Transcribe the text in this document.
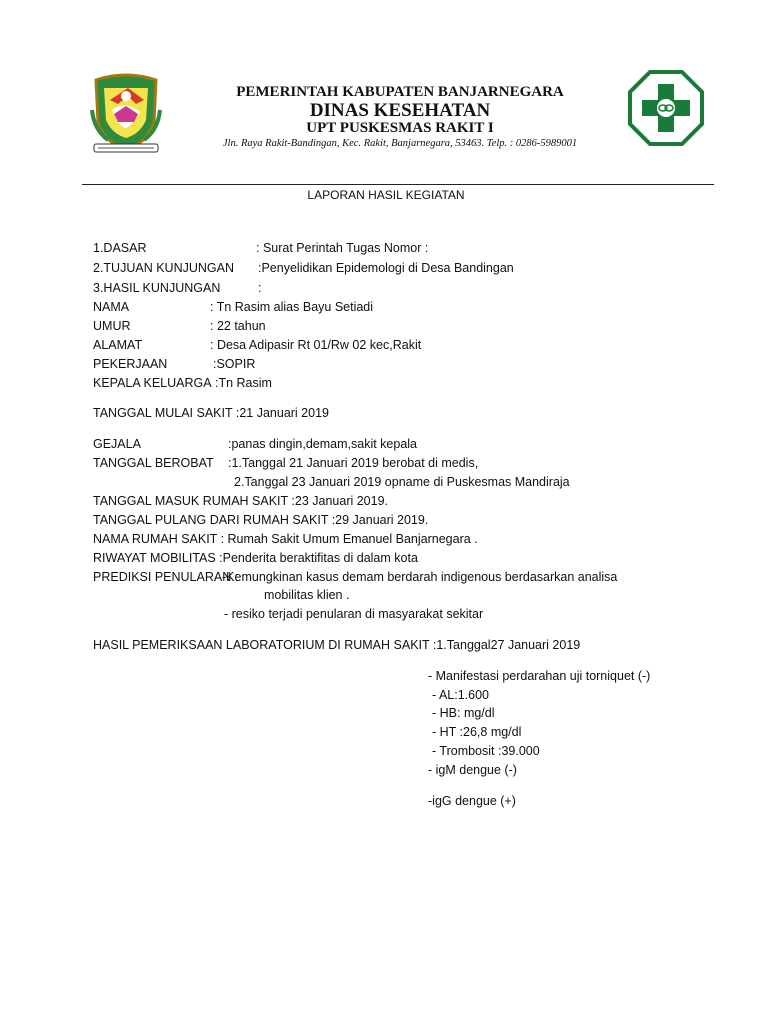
PEMERINTAH KABUPATEN BANJARNEGARA
DINAS KESEHATAN
UPT PUSKESMAS RAKIT I
Jln. Raya Rakit-Bandingan, Kec. Rakit, Banjarnegara, 53463. Telp. : 0286-5989001
LAPORAN HASIL KEGIATAN
1.DASAR	: Surat Perintah Tugas Nomor :
2.TUJUAN KUNJUNGAN :Penyelidikan Epidemologi di Desa Bandingan
3.HASIL KUNJUNGAN	:
NAMA	: Tn Rasim alias Bayu Setiadi
UMUR	: 22 tahun
ALAMAT	: Desa Adipasir Rt 01/Rw 02 kec,Rakit
PEKERJAAN	:SOPIR
KEPALA KELUARGA :Tn Rasim
TANGGAL MULAI SAKIT :21 Januari 2019
GEJALA	:panas dingin,demam,sakit kepala
TANGGAL BEROBAT :1.Tanggal 21 Januari 2019 berobat di medis,
2.Tanggal 23 Januari 2019 opname di Puskesmas Mandiraja
TANGGAL MASUK RUMAH SAKIT :23 Januari 2019.
TANGGAL PULANG DARI RUMAH SAKIT :29 Januari 2019.
NAMA RUMAH SAKIT : Rumah Sakit Umum Emanuel Banjarnegara .
RIWAYAT MOBILITAS :Penderita beraktifitas di dalam kota
PREDIKSI PENULARAN :
-Kemungkinan kasus demam berdarah indigenous berdasarkan analisa
mobilitas klien .
- resiko terjadi penularan di masyarakat sekitar
HASIL PEMERIKSAAN LABORATORIUM DI RUMAH SAKIT :1.Tanggal27 Januari 2019
- Manifestasi perdarahan uji torniquet (-)
- AL:1.600
- HB: mg/dl
- HT :26,8 mg/dl
- Trombosit :39.000
- igM dengue (-)
-igG dengue (+)
